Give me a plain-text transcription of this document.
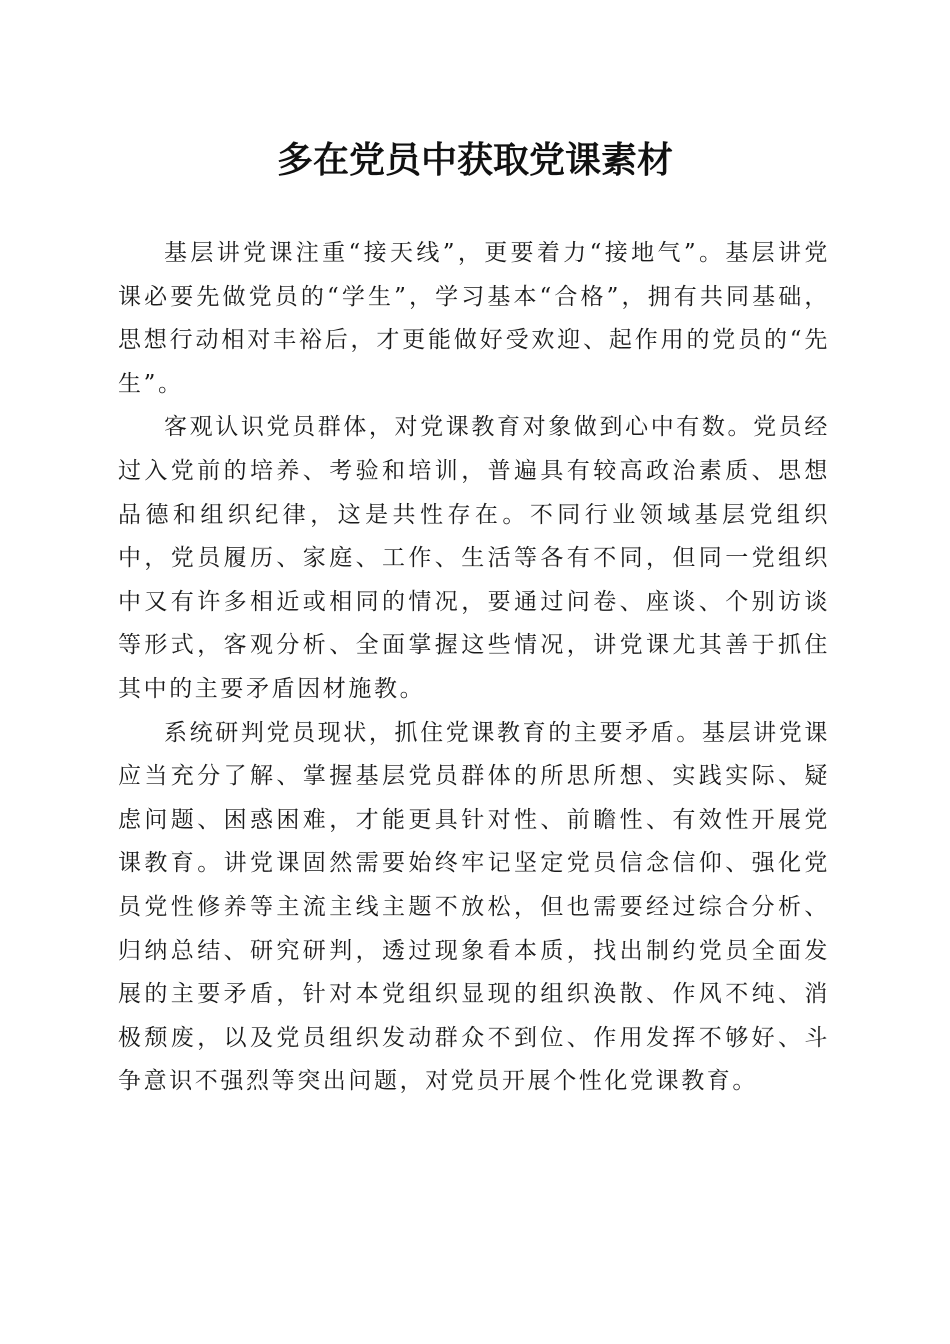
多在党员中获取党课素材

基层讲党课注重“接天线”，更要着力“接地气”。基层讲党课必要先做党员的“学生”，学习基本“合格”，拥有共同基础，思想行动相对丰裕后，才更能做好受欢迎、起作用的党员的“先生”。

客观认识党员群体，对党课教育对象做到心中有数。党员经过入党前的培养、考验和培训，普遍具有较高政治素质、思想品德和组织纪律，这是共性存在。不同行业领域基层党组织中，党员履历、家庭、工作、生活等各有不同，但同一党组织中又有许多相近或相同的情况，要通过问卷、座谈、个别访谈等形式，客观分析、全面掌握这些情况，讲党课尤其善于抓住其中的主要矛盾因材施教。

系统研判党员现状，抓住党课教育的主要矛盾。基层讲党课应当充分了解、掌握基层党员群体的所思所想、实践实际、疑虑问题、困惑困难，才能更具针对性、前瞻性、有效性开展党课教育。讲党课固然需要始终牢记坚定党员信念信仰、强化党员党性修养等主流主线主题不放松，但也需要经过综合分析、归纳总结、研究研判，透过现象看本质，找出制约党员全面发展的主要矛盾，针对本党组织显现的组织涣散、作风不纯、消极颓废，以及党员组织发动群众不到位、作用发挥不够好、斗争意识不强烈等突出问题，对党员开展个性化党课教育。
